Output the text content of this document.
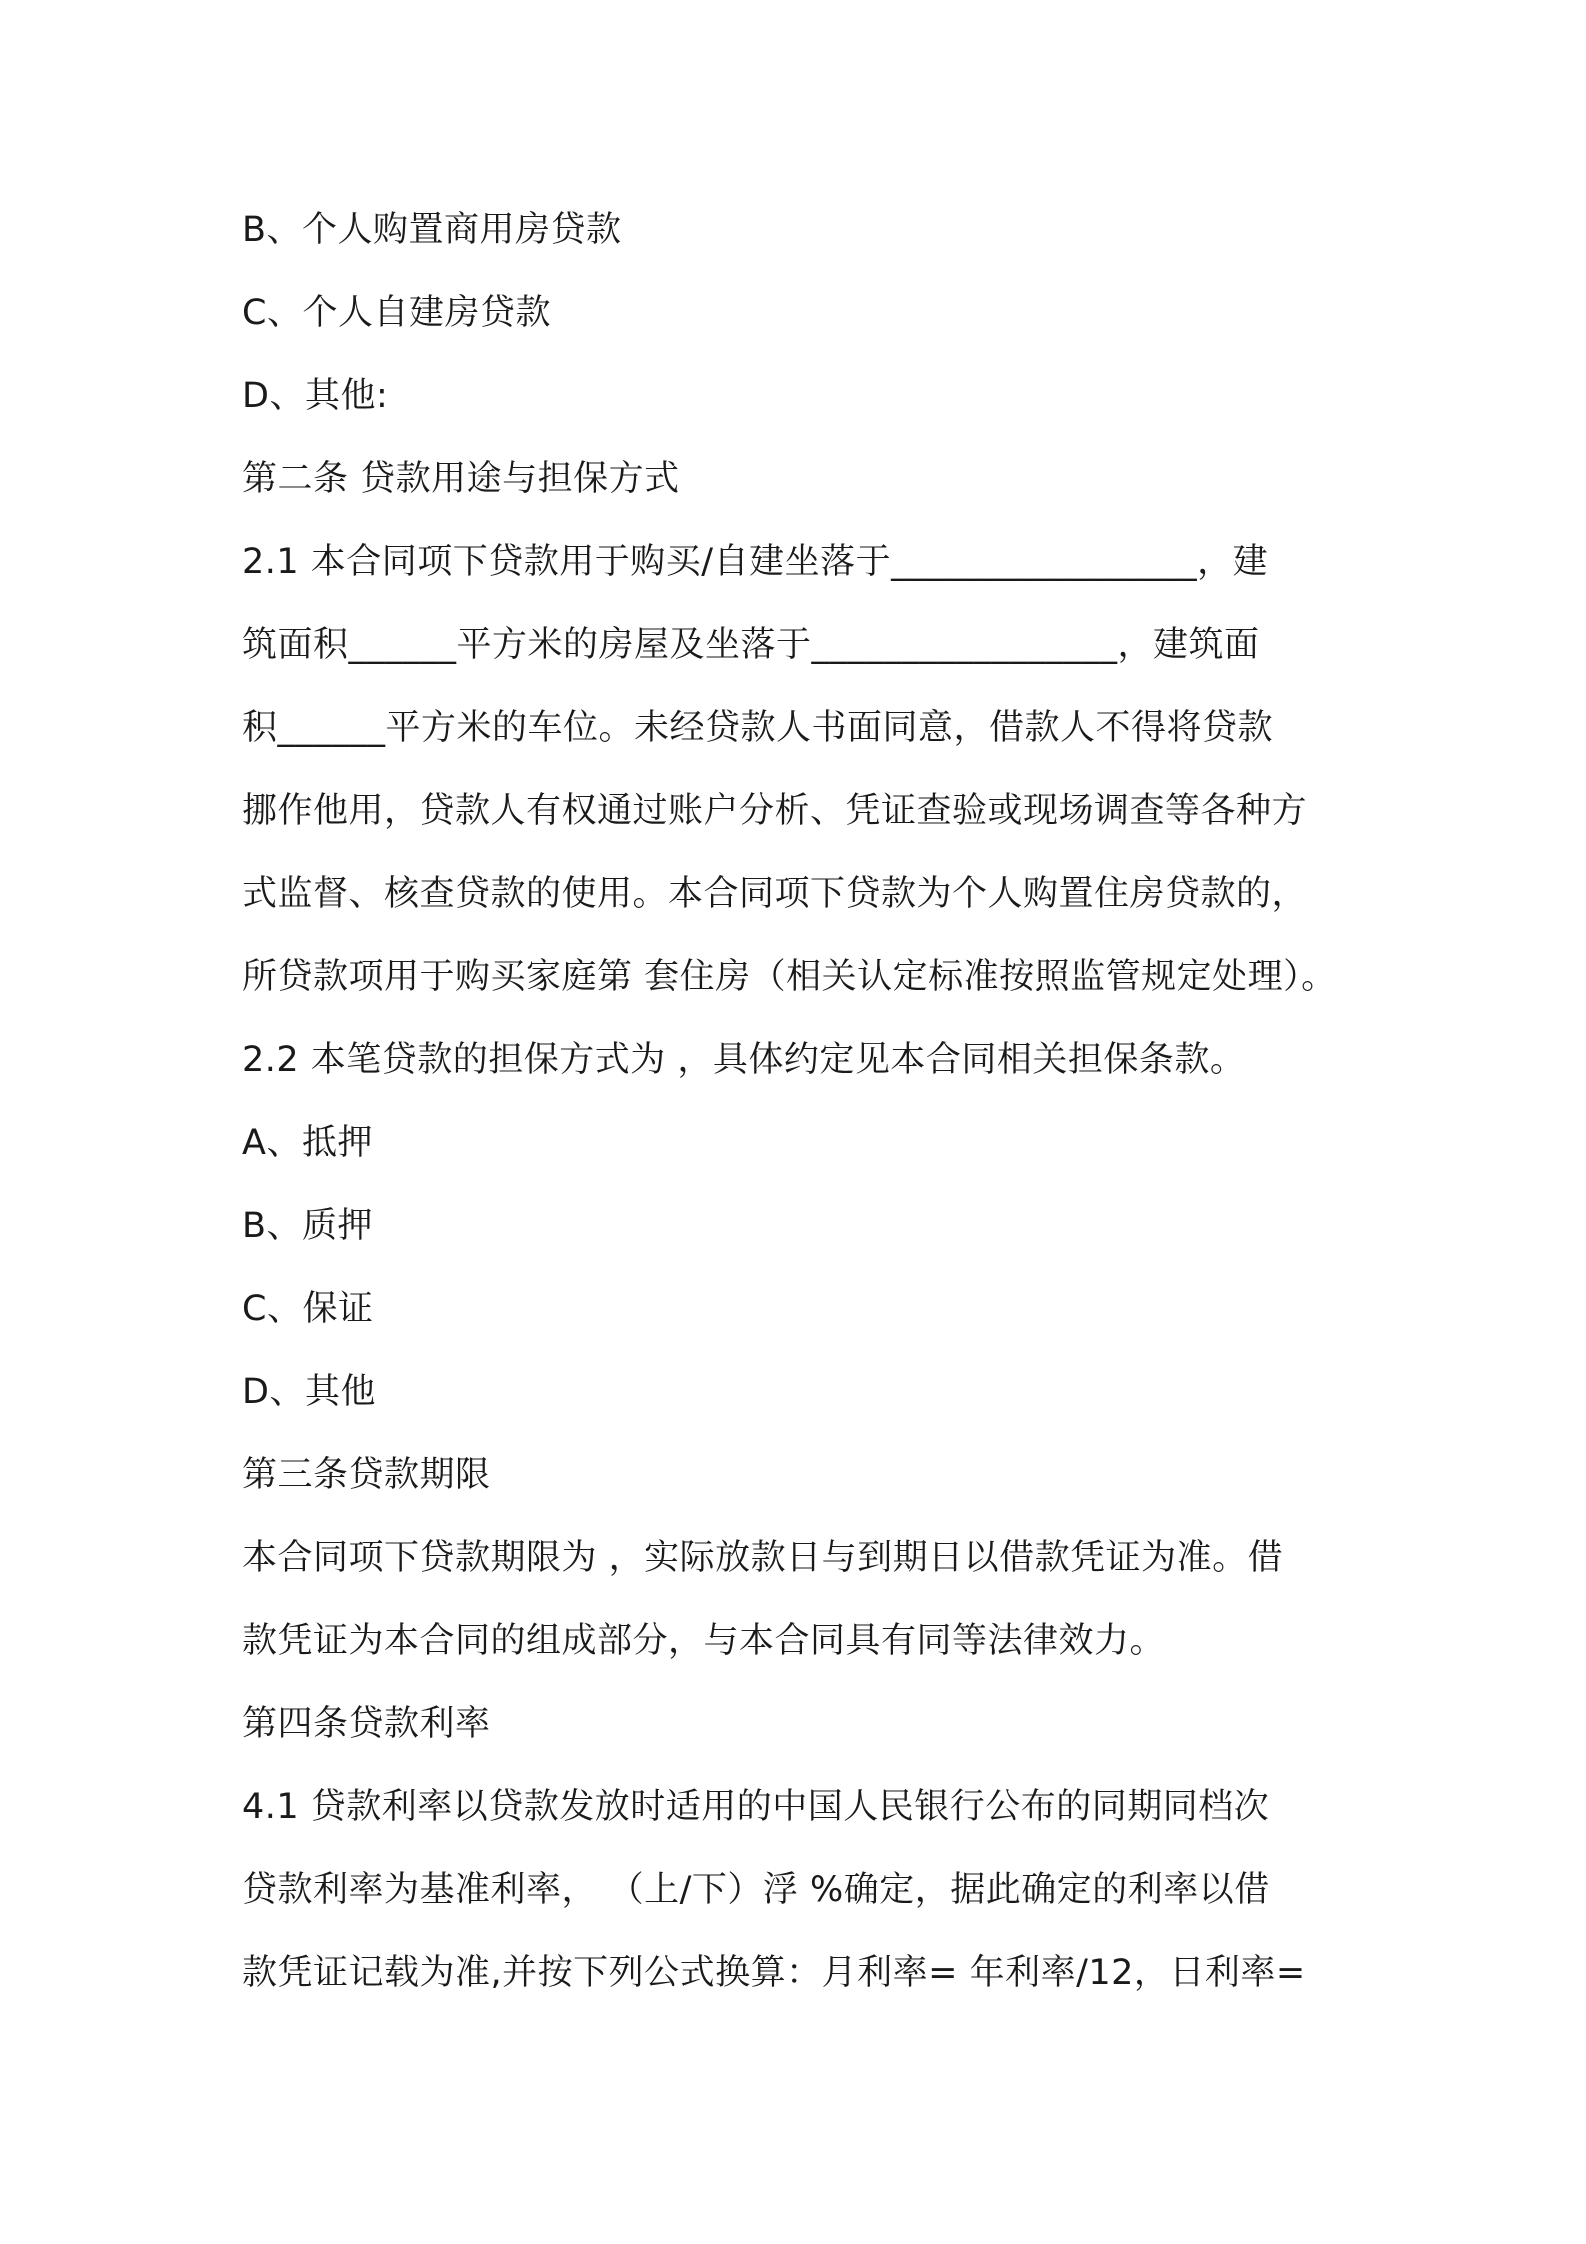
B、个人购置商用房贷款
C、个人自建房贷款
D、其他:
第二条 贷款用途与担保方式
2.1 本合同项下贷款用于购买/自建坐落于_________________，建
筑面积______平方米的房屋及坐落于_________________，建筑面
积______平方米的车位。未经贷款人书面同意，借款人不得将贷款
挪作他用，贷款人有权通过账户分析、凭证查验或现场调查等各种方
式监督、核查贷款的使用。本合同项下贷款为个人购置住房贷款的，
所贷款项用于购买家庭第 套住房（相关认定标准按照监管规定处理）。
2.2 本笔贷款的担保方式为 ，具体约定见本合同相关担保条款。
A、抵押
B、质押
C、保证
D、其他
第三条贷款期限
本合同项下贷款期限为 ，实际放款日与到期日以借款凭证为准。借
款凭证为本合同的组成部分，与本合同具有同等法律效力。
第四条贷款利率
4.1 贷款利率以贷款发放时适用的中国人民银行公布的同期同档次
贷款利率为基准利率， （上/下）浮 %确定，据此确定的利率以借
款凭证记载为准,并按下列公式换算：月利率= 年利率/12，日利率=
